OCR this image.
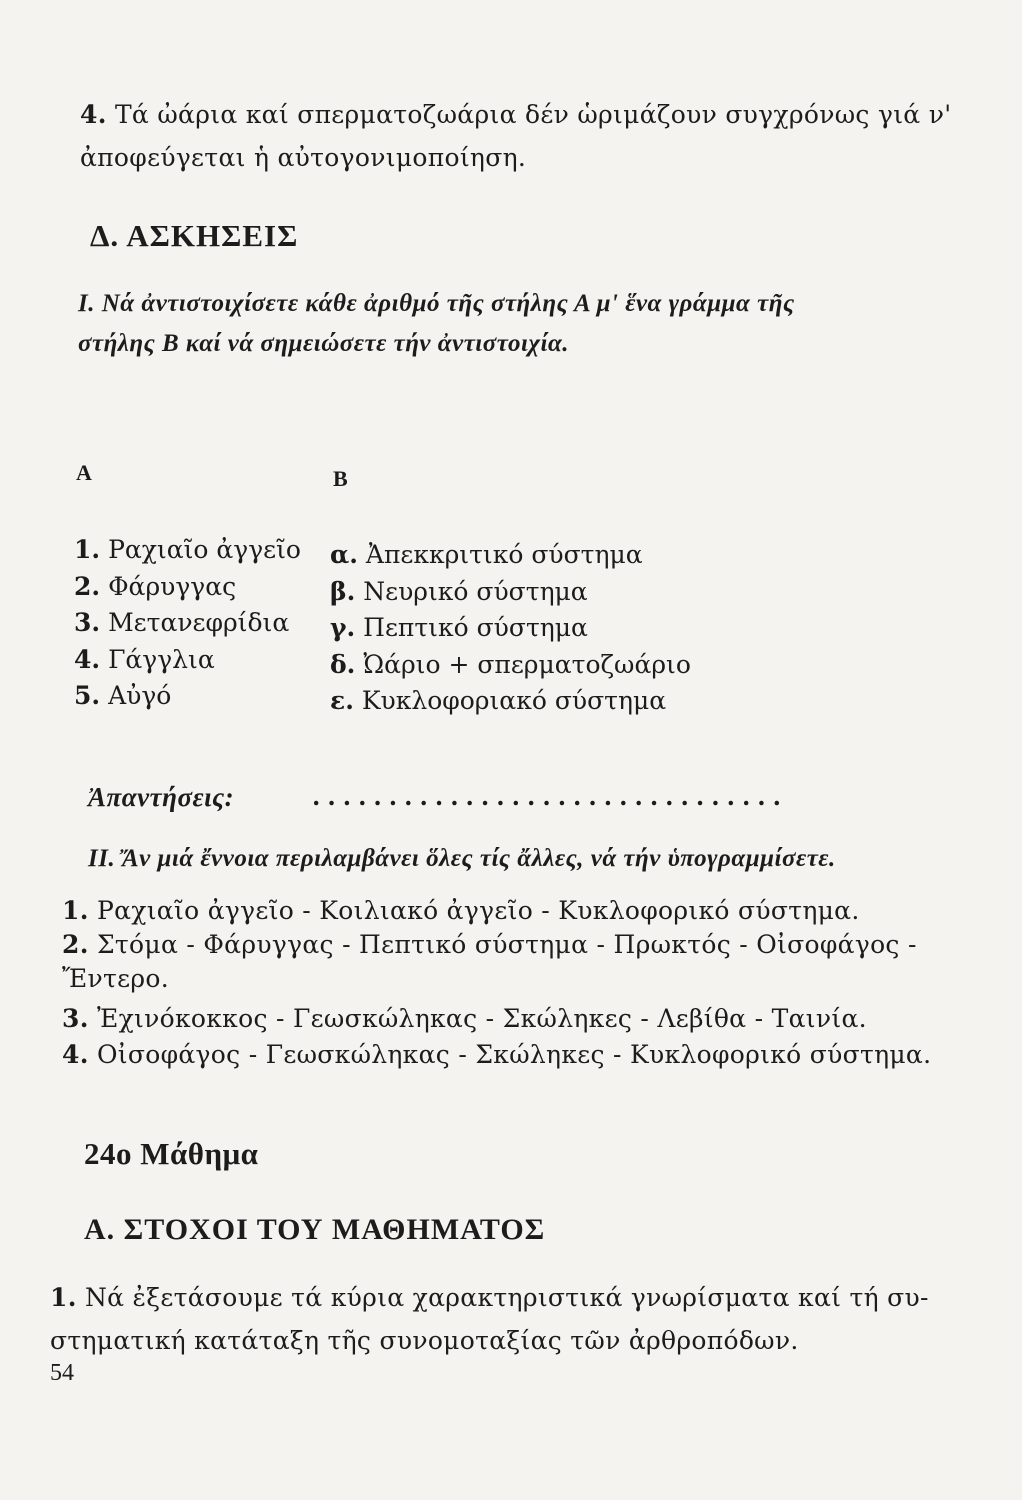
4. Τά ὠάρια καί σπερματοζωάρια δέν ὡριμάζουν συγχρόνως γιά ν'
ἀποφεύγεται ἡ αὐτογονιμοποίηση.
Δ. ΑΣΚΗΣΕΙΣ
Ι. Νά ἀντιστοιχίσετε κάθε ἀριθμό τῆς στήλης Α μ' ἕνα γράμμα τῆς
στήλης Β καί νά σημειώσετε τήν ἀντιστοιχία.
Α	Β
1. Ραχιαῖο ἀγγεῖο
2. Φάρυγγας
3. Μετανεφρίδια
4. Γάγγλια
5. Αὐγό
α. Ἀπεκκριτικό σύστημα
β. Νευρικό σύστημα
γ. Πεπτικό σύστημα
δ. Ὠάριο + σπερματοζωάριο
ε. Κυκλοφοριακό σύστημα
Ἀπαντήσεις:	...............................
ΙΙ. Ἄν μιά ἔννοια περιλαμβάνει ὅλες τίς ἄλλες, νά τήν ὑπογραμμίσετε.
1. Ραχιαῖο ἀγγεῖο - Κοιλιακό ἀγγεῖο - Κυκλοφορικό σύστημα.
2. Στόμα - Φάρυγγας - Πεπτικό σύστημα - Πρωκτός - Οἰσοφάγος -
Ἔντερο.
3. Ἐχινόκοκκος - Γεωσκώληκας - Σκώληκες - Λεβίθα - Ταινία.
4. Οἰσοφάγος - Γεωσκώληκας - Σκώληκες - Κυκλοφορικό σύστημα.
24ο Μάθημα
Α. ΣΤΟΧΟΙ ΤΟΥ ΜΑΘΗΜΑΤΟΣ
1. Νά ἐξετάσουμε τά κύρια χαρακτηριστικά γνωρίσματα καί τή συ-
στηματική κατάταξη τῆς συνομοταξίας τῶν ἀρθροπόδων.
54
